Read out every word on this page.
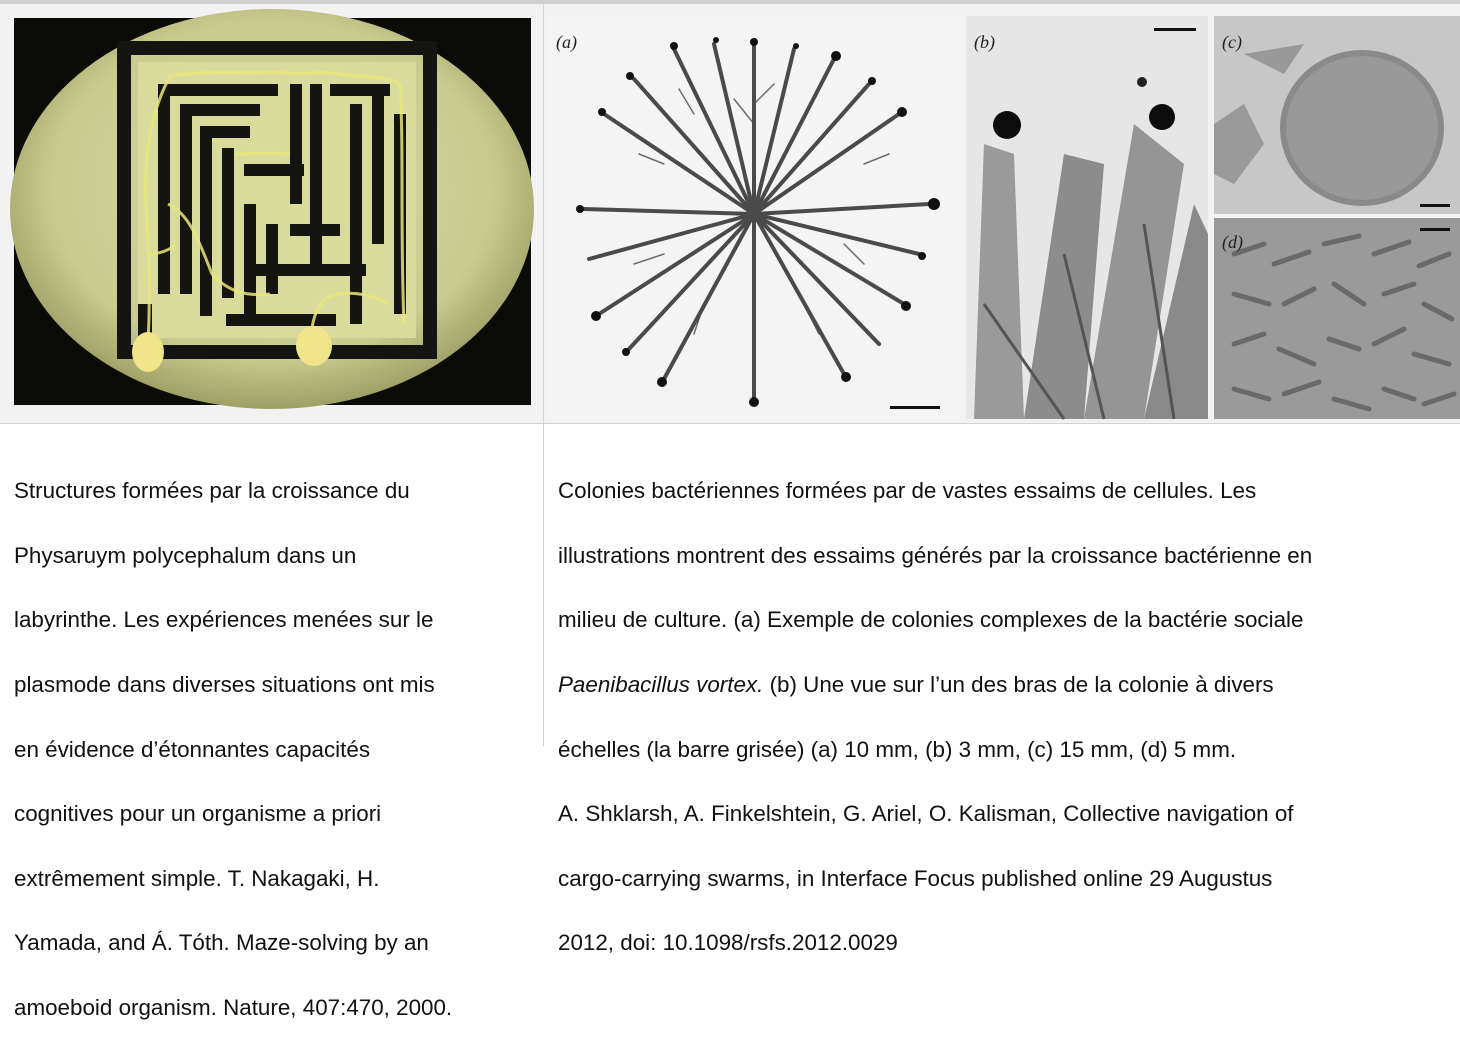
(a)	(b)	(c)
(d)

Structures formées par la croissance du

Physaruym polycephalum dans un

labyrinthe. Les expériences menées sur le

plasmode dans diverses situations ont mis

en évidence d’étonnantes capacités

cognitives pour un organisme a priori

extrêmement simple. T. Nakagaki, H.

Yamada, and Á. Tóth. Maze-solving by an

amoeboid organism. Nature, 407:470, 2000.

Colonies bactériennes formées par de vastes essaims de cellules. Les

illustrations montrent des essaims générés par la croissance bactérienne en

milieu de culture. (a) Exemple de colonies complexes de la bactérie sociale

Paenibacillus vortex. (b) Une vue sur l’un des bras de la colonie à divers

échelles (la barre grisée) (a) 10 mm, (b) 3 mm, (c) 15 mm, (d) 5 mm.

A. Shklarsh, A. Finkelshtein, G. Ariel, O. Kalisman, Collective navigation of

cargo-carrying swarms, in Interface Focus published online 29 Augustus

2012, doi: 10.1098/rsfs.2012.0029
